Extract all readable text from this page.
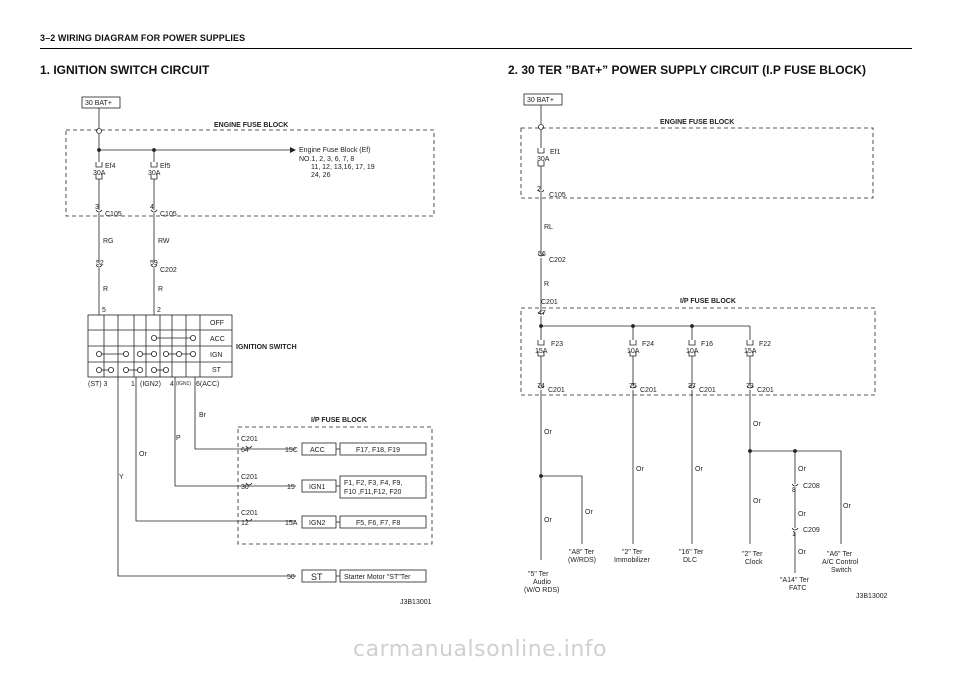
3–2 WIRING DIAGRAM FOR POWER SUPPLIES
1. IGNITION SWITCH CIRCUIT	2. 30 TER ”BAT+” POWER SUPPLY CIRCUIT (I.P FUSE BLOCK)
30 BAT+
ENGINE FUSE BLOCK
Engine Fuse Block (Ef)
NO.1, 2, 3, 6, 7, 8
11, 12, 13,16, 17, 19
24, 26
Ef4
30A
Ef5
30A
3
C105
4
C105
RG	RW
52	59
C202
R	R
5	2
OFF
ACC
IGN
ST
IGNITION SWITCH
(ST) 3	1 (IGN2) 4 (IGN1) 6(ACC)
Br
P
Or
Y
I/P FUSE BLOCK
C201
64	15C
C201
30	15
C201
12	15A
50
ACC	F17, F18, F19
IGN1
F1, F2, F3, F4, F9,
F10 ,F11,F12, F20
IGN2	F5, F6, F7, F8
ST	Starter Motor "ST"Ter
J3B13001
30 BAT+
ENGINE FUSE BLOCK
Ef1
30A
2
C105
RL
56
C202
R
C201
47
I/P FUSE BLOCK
F23
15A
F24
10A
F16
10A
F22
15A
74
C201
75
C201
37
C201
73
C201
Or
Or
Or
Or	Or
Or
Or
Or
Or
Or
Or
C208
8
C209
1
"5" Ter
Audio
(W/O RDS)
"A8" Ter
(W/RDS)
"2" Ter
Immobilizer
"16" Ter
DLC
"2" Ter
Clock
"A14" Ter
FATC
"A6" Ter
A/C Control
Switch
J3B13002
carmanualsonline.info
